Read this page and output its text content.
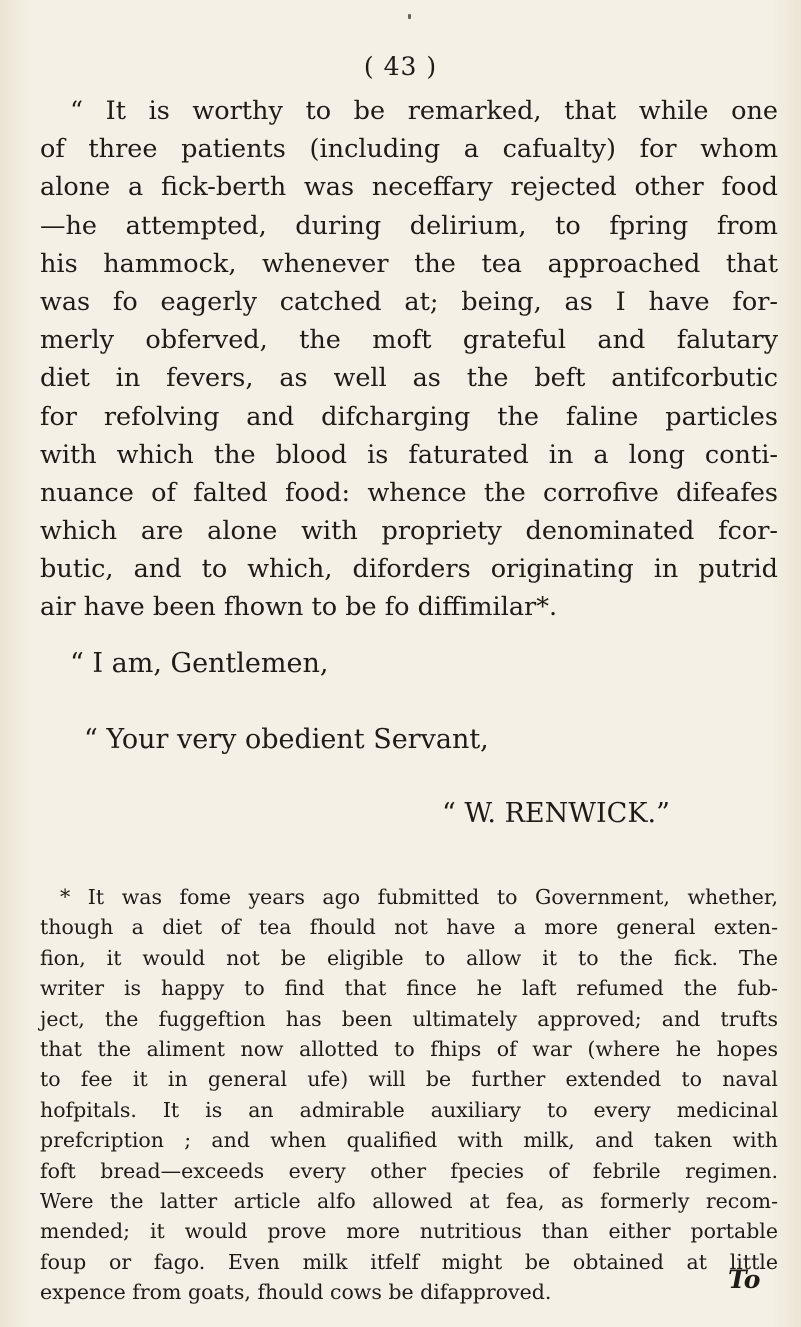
( 43 )
“ It is worthy to be remarked, that while one
of three patients (including a cafualty) for whom
alone a fick-berth was neceffary rejected other food
—he attempted, during delirium, to fpring from
his hammock, whenever the tea approached that
was fo eagerly catched at; being, as I have for-
merly obferved, the moft grateful and falutary
diet in fevers, as well as the beft antifcorbutic
for refolving and difcharging the faline particles
with which the blood is faturated in a long conti-
nuance of falted food: whence the corrofive difeafes
which are alone with propriety denominated fcor-
butic, and to which, diforders originating in putrid
air have been fhown to be fo diffimilar*.
“ I am, Gentlemen,
“ Your very obedient Servant,
“ W. RENWICK.”
* It was fome years ago fubmitted to Government, whether,
though a diet of tea fhould not have a more general exten-
fion, it would not be eligible to allow it to the fick. The
writer is happy to find that fince he laft refumed the fub-
ject, the fuggeftion has been ultimately approved; and trufts
that the aliment now allotted to fhips of war (where he hopes
to fee it in general ufe) will be further extended to naval
hofpitals. It is an admirable auxiliary to every medicinal
prefcription ; and when qualified with milk, and taken with
foft bread—exceeds every other fpecies of febrile regimen.
Were the latter article alfo allowed at fea, as formerly recom-
mended; it would prove more nutritious than either portable
foup or fago. Even milk itfelf might be obtained at little
expence from goats, fhould cows be difapproved.	To
